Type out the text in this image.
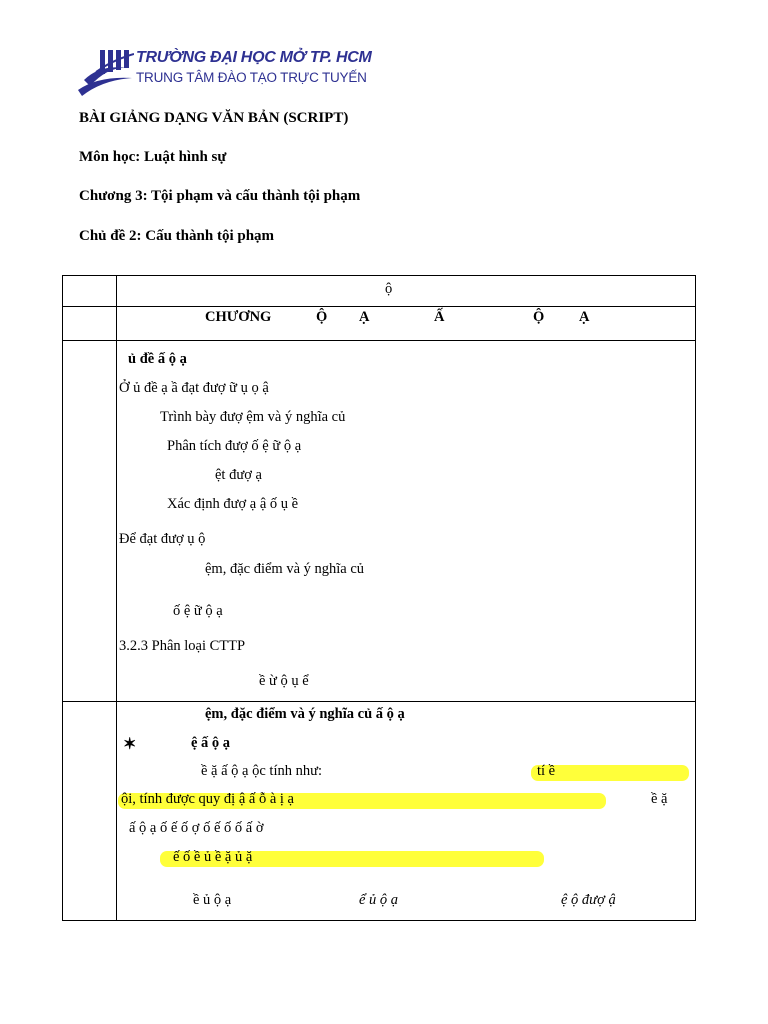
TRƯỜNG ĐẠI HỌC MỞ TP. HCM
TRUNG TÂM ĐÀO TẠO TRỰC TUYẾN
BÀI GIẢNG DẠNG VĂN BẢN (SCRIPT)
Môn học: Luật hình sự
Chương 3: Tội phạm và cấu thành tội phạm
Chủ đề 2: Cấu thành tội phạm
ộ
CHƯƠNG	Ộ Ạ	Ấ	Ộ Ạ
ủ đề ấ ộ ạ
Ở ủ đề ạ ầ đạt đượ ữ ụ ọ ậ
Trình bày đượ ệm và ý nghĩa củ
Phân tích đượ ố ệ ữ ộ ạ
ệt đượ ạ
Xác định đượ ạ ậ ố ụ ề
Để đạt đượ ụ ộ
ệm, đặc điểm và ý nghĩa củ
ố ệ ữ ộ ạ
3.2.3 Phân loại CTTP
ề ừ ộ ụ ể
ệm, đặc điểm và ý nghĩa củ ấ ộ ạ
✶	ệ ấ ộ ạ
ề ặ ấ ộ ạ ộc tính như:	tí ề
ội, tính được quy đị ậ ấ ỗ à ị ạ	ề ặ
ấ ộ ạ ố ế ố ợ ố ế ố ố ấ ờ
ế ố ề ủ ề ặ ủ ặ
ề ủ ộ ạ	ể ủ ộ ạ	ệ ộ đượ ậ
